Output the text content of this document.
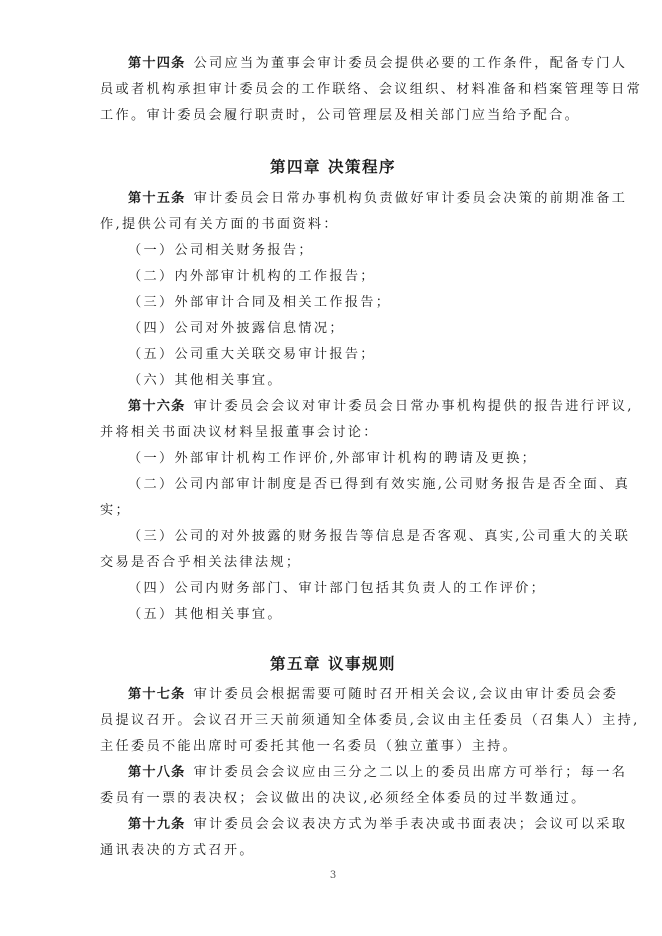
第十四条 公司应当为董事会审计委员会提供必要的工作条件，配备专门人
员或者机构承担审计委员会的工作联络、会议组织、材料准备和档案管理等日常
工作。审计委员会履行职责时，公司管理层及相关部门应当给予配合。
第四章 决策程序
第十五条 审计委员会日常办事机构负责做好审计委员会决策的前期准备工
作,提供公司有关方面的书面资料：
（一）公司相关财务报告；
（二）内外部审计机构的工作报告；
（三）外部审计合同及相关工作报告；
（四）公司对外披露信息情况；
（五）公司重大关联交易审计报告；
（六）其他相关事宜。
第十六条 审计委员会会议对审计委员会日常办事机构提供的报告进行评议,
并将相关书面决议材料呈报董事会讨论：
（一）外部审计机构工作评价,外部审计机构的聘请及更换；
（二）公司内部审计制度是否已得到有效实施,公司财务报告是否全面、真
实；
（三）公司的对外披露的财务报告等信息是否客观、真实,公司重大的关联
交易是否合乎相关法律法规；
（四）公司内财务部门、审计部门包括其负责人的工作评价；
（五）其他相关事宜。
第五章 议事规则
第十七条 审计委员会根据需要可随时召开相关会议,会议由审计委员会委
员提议召开。会议召开三天前须通知全体委员,会议由主任委员（召集人）主持,
主任委员不能出席时可委托其他一名委员（独立董事）主持。
第十八条 审计委员会会议应由三分之二以上的委员出席方可举行；每一名
委员有一票的表决权；会议做出的决议,必须经全体委员的过半数通过。
第十九条 审计委员会会议表决方式为举手表决或书面表决；会议可以采取
通讯表决的方式召开。
3
